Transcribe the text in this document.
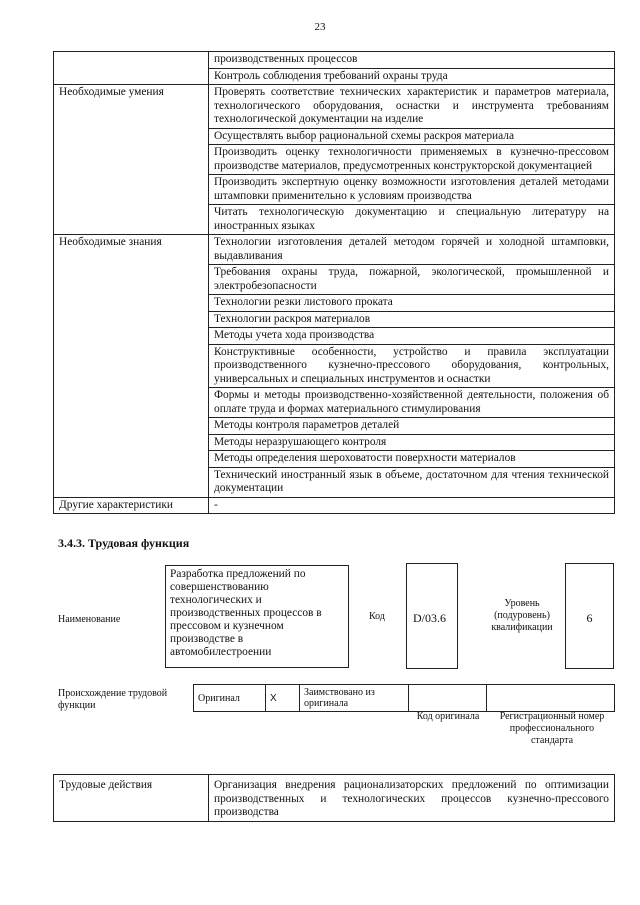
23
	производственных процессов
	Контроль соблюдения требований охраны труда
Необходимые умения	Проверять соответствие технических характеристик и параметров материала, технологического оборудования, оснастки и инструмента требованиям технологической документации на изделие
	Осуществлять выбор рациональной схемы раскроя материала
	Производить оценку технологичности применяемых в кузнечно-прессовом производстве материалов, предусмотренных конструкторской документацией
	Производить экспертную оценку возможности изготовления деталей методами штамповки применительно к условиям производства
	Читать технологическую документацию и специальную литературу на иностранных языках
Необходимые знания	Технологии изготовления деталей методом горячей и холодной штамповки, выдавливания
	Требования охраны труда, пожарной, экологической, промышленной и электробезопасности
	Технологии резки листового проката
	Технологии раскроя материалов
	Методы учета хода производства
	Конструктивные особенности, устройство и правила эксплуатации производственного кузнечно-прессового оборудования, контрольных, универсальных и специальных инструментов и оснастки
	Формы и методы производственно-хозяйственной деятельности, положения об оплате труда и формах материального стимулирования
	Методы контроля параметров деталей
	Методы неразрушающего контроля
	Методы определения шероховатости поверхности материалов
	Технический иностранный язык в объеме, достаточном для чтения технической документации
Другие характеристики	-
3.4.3. Трудовая функция
Наименование
Разработка предложений по совершенствованию технологических и производственных процессов в прессовом и кузнечном производстве в автомобилестроении
Код	D/03.6
Уровень (подуровень) квалификации
6
Происхождение трудовой функции
Оригинал	X	Заимствовано из оригинала		
Код оригинала	Регистрационный номер профессионального стандарта
Трудовые действия	Организация внедрения рационализаторских предложений по оптимизации производственных и технологических процессов кузнечно-прессового производства
